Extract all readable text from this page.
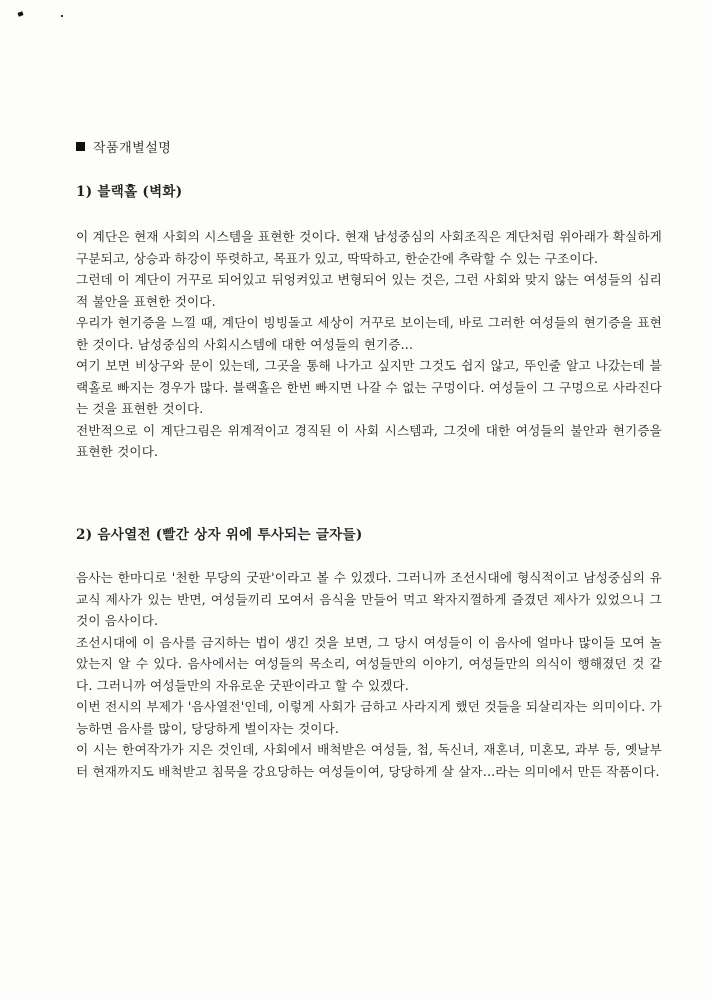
작품개별설명

1) 블랙홀 (벽화)

이 계단은 현재 사회의 시스템을 표현한 것이다. 현재 남성중심의 사회조직은 계단처럼 위아래가 확실하게 구분되고, 상승과 하강이 뚜렷하고, 목표가 있고, 딱딱하고, 한순간에 추락할 수 있는 구조이다.

그런데 이 계단이 거꾸로 되어있고 뒤엉켜있고 변형되어 있는 것은, 그런 사회와 맞지 않는 여성들의 심리적 불안을 표현한 것이다.

우리가 현기증을 느낄 때, 계단이 빙빙돌고 세상이 거꾸로 보이는데, 바로 그러한 여성들의 현기증을 표현한 것이다. 남성중심의 사회시스템에 대한 여성들의 현기증...

여기 보면 비상구와 문이 있는데, 그곳을 통해 나가고 싶지만 그것도 쉽지 않고, 뚜인줄 알고 나갔는데 블랙홀로 빠지는 경우가 많다. 블랙홀은 한번 빠지면 나갈 수 없는 구멍이다. 여성들이 그 구멍으로 사라진다는 것을 표현한 것이다.

전반적으로 이 계단그림은 위계적이고 경직된 이 사회 시스템과, 그것에 대한 여성들의 불안과 현기증을 표현한 것이다.

2) 음사열전 (빨간 상자 위에 투사되는 글자들)

음사는 한마디로 '천한 무당의 굿판'이라고 볼 수 있겠다. 그러니까 조선시대에 형식적이고 남성중심의 유교식 제사가 있는 반면, 여성들끼리 모여서 음식을 만들어 먹고 왁자지껄하게 즐겼던 제사가 있었으니 그것이 음사이다.

조선시대에 이 음사를 금지하는 법이 생긴 것을 보면, 그 당시 여성들이 이 음사에 얼마나 많이들 모여 놀았는지 알 수 있다. 음사에서는 여성들의 목소리, 여성들만의 이야기, 여성들만의 의식이 행해졌던 것 같다. 그러니까 여성들만의 자유로운 굿판이라고 할 수 있겠다.

이번 전시의 부제가 '음사열전'인데, 이렇게 사회가 금하고 사라지게 했던 것들을 되살리자는 의미이다. 가능하면 음사를 많이, 당당하게 벌이자는 것이다.

이 시는 한여작가가 지은 것인데, 사회에서 배척받은 여성들, 첩, 독신녀, 재혼녀, 미혼모, 과부 등, 옛날부터 현재까지도 배척받고 침묵을 강요당하는 여성들이여, 당당하게 살 살자...라는 의미에서 만든 작품이다.
